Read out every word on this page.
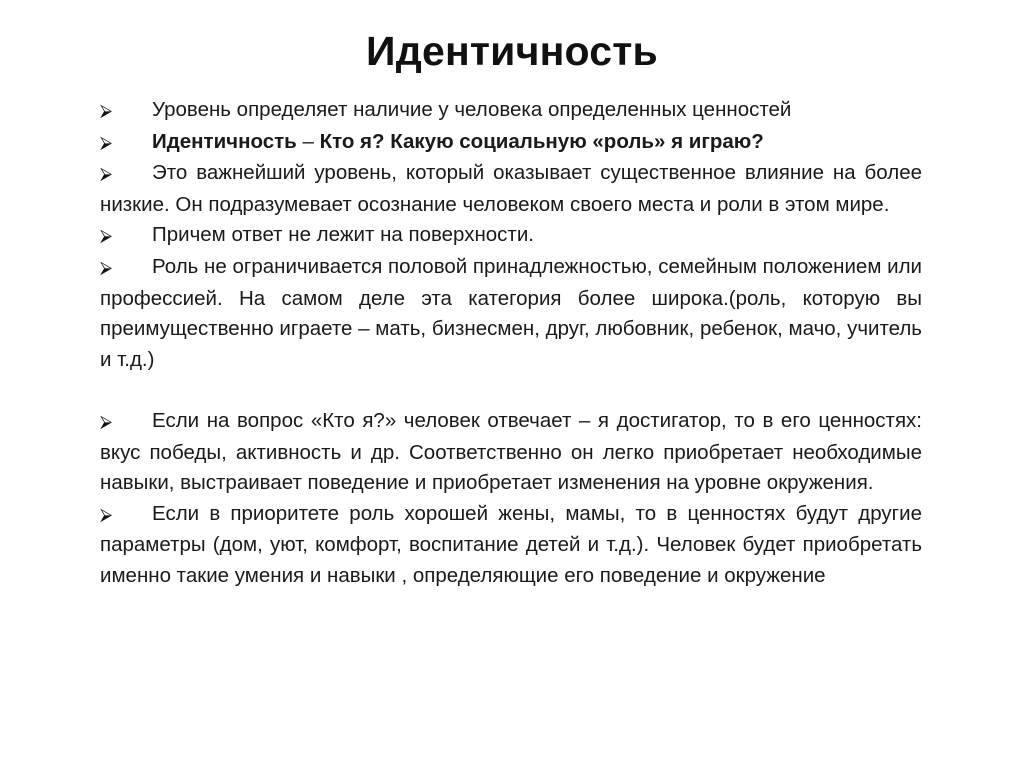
Идентичность

⮚ Уровень определяет наличие у человека определенных ценностей

⮚ Идентичность – Кто я? Какую социальную «роль» я играю?

⮚ Это важнейший уровень, который оказывает существенное влияние на более низкие. Он подразумевает осознание человеком своего места и роли в этом мире.

⮚ Причем ответ не лежит на поверхности.

⮚ Роль не ограничивается половой принадлежностью, семейным положением или профессией. На самом деле эта категория более широка.(роль, которую вы преимущественно играете – мать, бизнесмен, друг, любовник, ребенок, мачо, учитель и т.д.)

⮚ Если на вопрос «Кто я?» человек отвечает – я достигатор, то в его ценностях: вкус победы, активность и др. Соответственно он легко приобретает необходимые навыки, выстраивает поведение и приобретает изменения на уровне окружения.

⮚ Если в приоритете роль хорошей жены, мамы, то в ценностях будут другие параметры (дом, уют, комфорт, воспитание детей и т.д.). Человек будет приобретать именно такие умения и навыки , определяющие его поведение и окружение
